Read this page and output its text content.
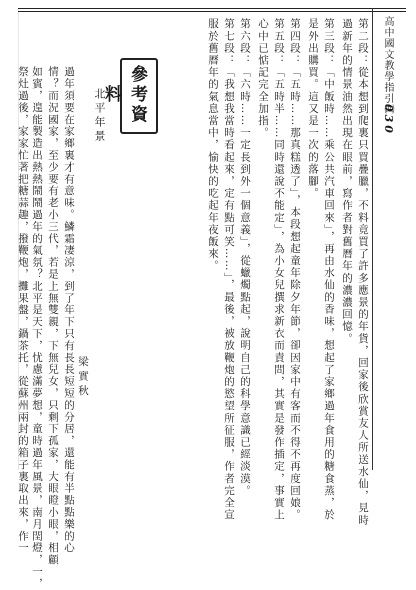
高中國文教學指引㈣
030
第二段：從本想到爬裏只買疊臘，不料竟買了許多應景的年貨，回家後欣賞友人所送水仙，見時
過新年的情景油然出現在眼前，寫作者對舊曆年的濃濃回憶。
第三段：「中飯時……乘公共汽車回來」，再由水仙的香味，想起了家鄉過年食用的糖食蒸，於
是外出購買。這又是一次的落腳。
第四段：「五時……那真糕透了」，本段想起童年除夕年節，卻因家中有客而不得不再度回娘。
第五段：「五時半……同時還說不能定」，為小女兒撰求新衣而責問，其實是發作插定，事實上
心中已惦記完全加指。
第六段：「六時……一定長到外一個意義」，從蠟燭點起，說明自己的科學意識已經淡漠。
第七段：「我想我當時看起來，定有點可笑……」，最後，被放鞭炮的慾望所征服，作者完全宣
服於舊曆年的氣息當中，愉快的吃起年夜飯來。
參考資料
北平年景
梁實秋
過年須要在家鄉裏才有意味。鱗霜凄涼，到了年下只有長長短短的分居，還能有半點點樂的心
情？而況國家，至少要有老小三代，若是上無雙親，下無兒女，只剩下孤家，大眼瞪小眼，相顧
如賓，遑能製造出熱熱鬧鬧過年的氣氛？北平是天下，忧慮滿夢想，童時過年風景，南月閏燈，一，
祭灶過後，家家忙著把糖蒜趣，撥鞭炮，攤果盤，鍋茶托，從蘇州兩封的箱子裏取出來，作一
